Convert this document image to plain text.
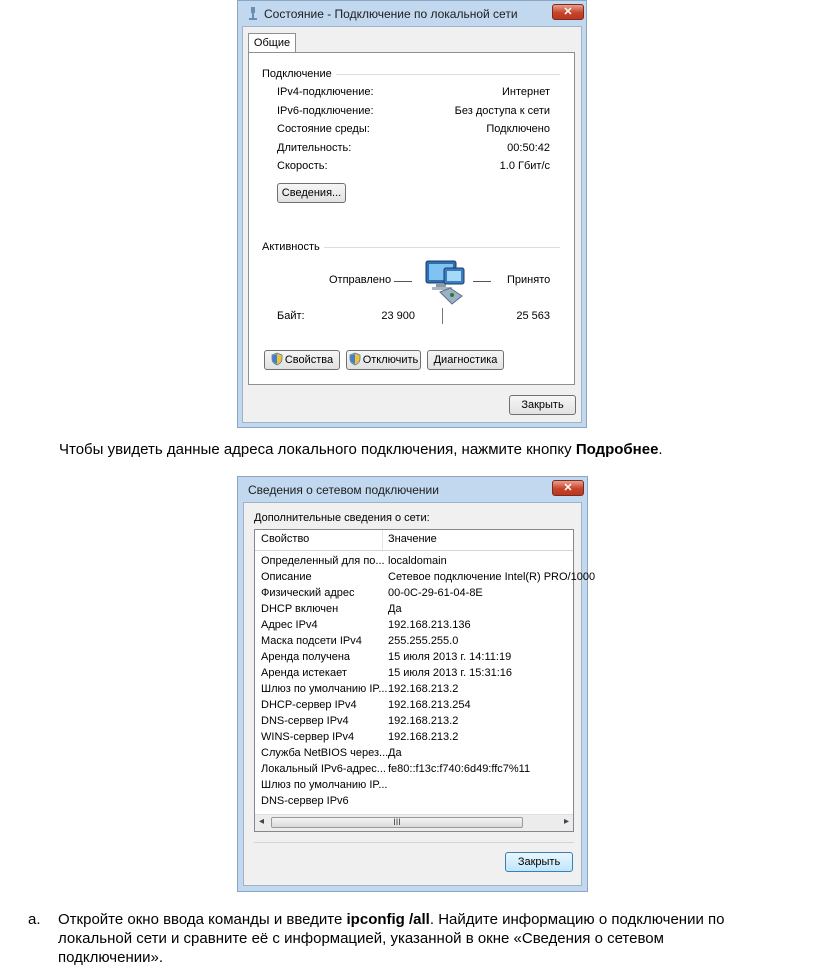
Состояние - Подключение по локальной сети	✕
Общие
Подключение
IPv4-подключение:	Интернет
IPv6-подключение:	Без доступа к сети
Состояние среды:	Подключено
Длительность:	00:50:42
Скорость:	1.0 Гбит/с
Сведения...
Активность
Отправлено	Принято
Байт:	23 900	25 563
Свойства	Отключить	Диагностика
Закрыть
Чтобы увидеть данные адреса локального подключения, нажмите кнопку Подробнее.
Сведения о сетевом подключении	✕
Дополнительные сведения о сети:
Свойство	Значение
Определенный для по... localdomain
Описание	Сетевое подключение Intel(R) PRO/1000
Физический адрес	00-0C-29-61-04-8E
DHCP включен	Да
Адрес IPv4	192.168.213.136
Маска подсети IPv4	255.255.255.0
Аренда получена	15 июля 2013 г. 14:11:19
Аренда истекает	15 июля 2013 г. 15:31:16
Шлюз по умолчанию IP... 192.168.213.2
DHCP-сервер IPv4	192.168.213.254
DNS-сервер IPv4	192.168.213.2
WINS-сервер IPv4	192.168.213.2
Служба NetBIOS через... Да
Локальный IPv6-адрес... fe80::f13c:f740:6d49:ffc7%11
Шлюз по умолчанию IP...
DNS-сервер IPv6
◂	III	▸
Закрыть
a. Откройте окно ввода команды и введите ipconfig /all. Найдите информацию о подключении по
локальной сети и сравните её с информацией, указанной в окне «Сведения о сетевом
подключении».
